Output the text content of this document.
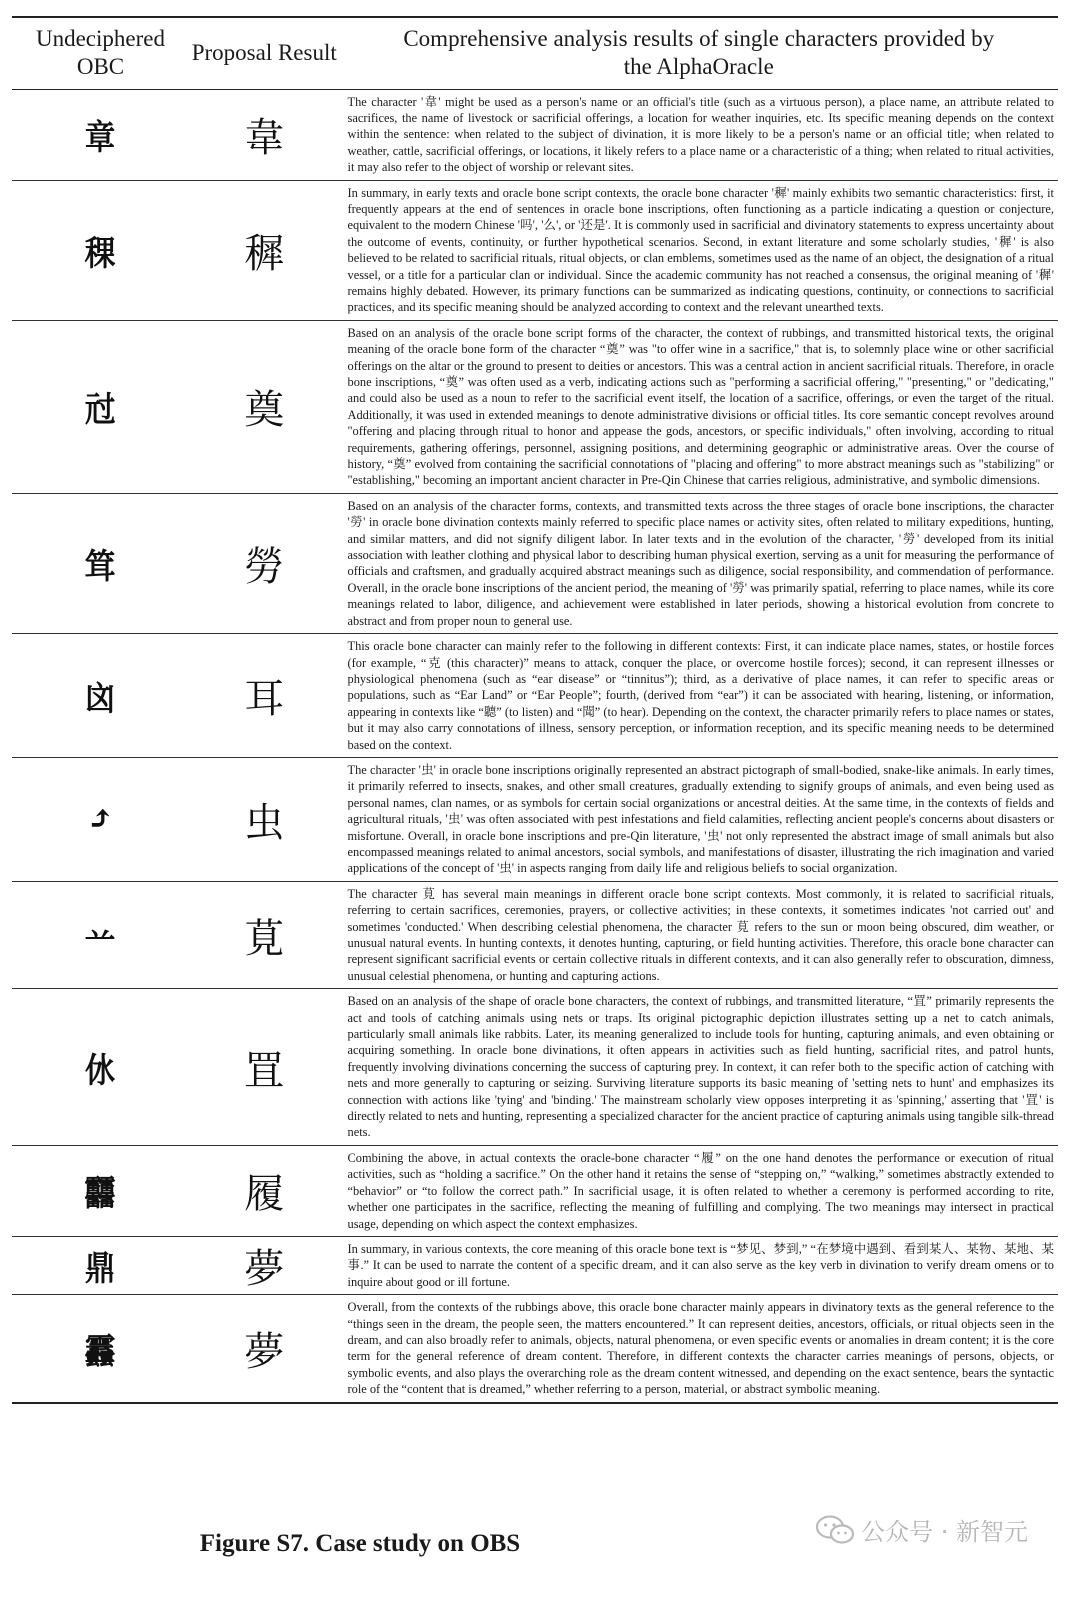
Undeciphered OBC	Proposal Result	Comprehensive analysis results of single characters provided by the AlphaOracle
章	韋	The character '韋' might be used as a person's name or an official's title (such as a virtuous person), a place name, an attribute related to sacrifices, the name of livestock or sacrificial offerings, a location for weather inquiries, etc. Its specific meaning depends on the context within the sentence: when related to the subject of divination, it is more likely to be a person's name or an official title; when related to weather, cattle, sacrificial offerings, or locations, it likely refers to a place name or a characteristic of a thing; when related to ritual activities, it may also refer to the object of worship or relevant sites.
稞	穉	In summary, in early texts and oracle bone script contexts, the oracle bone character '穉' mainly exhibits two semantic characteristics: first, it frequently appears at the end of sentences in oracle bone inscriptions, often functioning as a particle indicating a question or conjecture, equivalent to the modern Chinese '吗', '么', or '还是'. It is commonly used in sacrificial and divinatory statements to express uncertainty about the outcome of events, continuity, or further hypothetical scenarios. Second, in extant literature and some scholarly studies, '穉' is also believed to be related to sacrificial rituals, ritual objects, or clan emblems, sometimes used as the name of an object, the designation of a ritual vessel, or a title for a particular clan or individual. Since the academic community has not reached a consensus, the original meaning of '穉' remains highly debated. However, its primary functions can be summarized as indicating questions, continuity, or connections to sacrificial practices, and its specific meaning should be analyzed according to context and the relevant unearthed texts.
㝴	奠	Based on an analysis of the oracle bone script forms of the character, the context of rubbings, and transmitted historical texts, the original meaning of the oracle bone form of the character “奠” was "to offer wine in a sacrifice," that is, to solemnly place wine or other sacrificial offerings on the altar or the ground to present to deities or ancestors. This was a central action in ancient sacrificial rituals. Therefore, in oracle bone inscriptions, “奠” was often used as a verb, indicating actions such as "performing a sacrificial offering," "presenting," or "dedicating," and could also be used as a noun to refer to the sacrificial event itself, the location of a sacrifice, offerings, or even the target of the ritual. Additionally, it was used in extended meanings to denote administrative divisions or official titles. Its core semantic concept revolves around "offering and placing through ritual to honor and appease the gods, ancestors, or specific individuals," often involving, according to ritual requirements, gathering offerings, personnel, assigning positions, and determining geographic or administrative areas. Over the course of history, “奠” evolved from containing the sacrificial connotations of "placing and offering" to more abstract meanings such as "stabilizing" or "establishing," becoming an important ancient character in Pre-Qin Chinese that carries religious, administrative, and symbolic dimensions.
䇯	勞	Based on an analysis of the character forms, contexts, and transmitted texts across the three stages of oracle bone inscriptions, the character '勞' in oracle bone divination contexts mainly referred to specific place names or activity sites, often related to military expeditions, hunting, and similar matters, and did not signify diligent labor. In later texts and in the evolution of the character, '勞' developed from its initial association with leather clothing and physical labor to describing human physical exertion, serving as a unit for measuring the performance of officials and craftsmen, and gradually acquired abstract meanings such as diligence, social responsibility, and commendation of performance. Overall, in the oracle bone inscriptions of the ancient period, the meaning of '勞' was primarily spatial, referring to place names, while its core meanings related to labor, diligence, and achievement were established in later periods, showing a historical evolution from concrete to abstract and from proper noun to general use.
㓙	耳	This oracle bone character can mainly refer to the following in different contexts: First, it can indicate place names, states, or hostile forces (for example, “克 (this character)” means to attack, conquer the place, or overcome hostile forces); second, it can represent illnesses or physiological phenomena (such as “ear disease” or “tinnitus”); third, as a derivative of place names, it can refer to specific areas or populations, such as “Ear Land” or “Ear People”; fourth, (derived from “ear”) it can be associated with hearing, listening, or information, appearing in contexts like “聽” (to listen) and “聞” (to hear). Depending on the context, the character primarily refers to place names or states, but it may also carry connotations of illness, sensory perception, or information reception, and its specific meaning needs to be determined based on the context.
⤴	虫	The character '虫' in oracle bone inscriptions originally represented an abstract pictograph of small-bodied, snake-like animals. In early times, it primarily referred to insects, snakes, and other small creatures, gradually extending to signify groups of animals, and even being used as personal names, clan names, or as symbols for certain social organizations or ancestral deities. At the same time, in the contexts of fields and agricultural rituals, '虫' was often associated with pest infestations and field calamities, reflecting ancient people's concerns about disasters or misfortune. Overall, in oracle bone inscriptions and pre-Qin literature, '虫' not only represented the abstract image of small animals but also encompassed meanings related to animal ancestors, social symbols, and manifestations of disaster, illustrating the rich imagination and varied applications of the concept of '虫' in aspects ranging from daily life and religious beliefs to social organization.
䒑	莧	The character 莧 has several main meanings in different oracle bone script contexts. Most commonly, it is related to sacrificial rituals, referring to certain sacrifices, ceremonies, prayers, or collective activities; in these contexts, it sometimes indicates 'not carried out' and sometimes 'conducted.' When describing celestial phenomena, the character 莧 refers to the sun or moon being obscured, dim weather, or unusual natural events. In hunting contexts, it denotes hunting, capturing, or field hunting activities. Therefore, this oracle bone character can represent significant sacrificial events or certain collective rituals in different contexts, and it can also generally refer to obscuration, dimness, unusual celestial phenomena, or hunting and capturing actions.
㲻	罝	Based on an analysis of the shape of oracle bone characters, the context of rubbings, and transmitted literature, “罝” primarily represents the act and tools of catching animals using nets or traps. Its original pictographic depiction illustrates setting up a net to catch animals, particularly small animals like rabbits. Later, its meaning generalized to include tools for hunting, capturing animals, and even obtaining or acquiring something. In oracle bone divinations, it often appears in activities such as field hunting, sacrificial rites, and patrol hunts, frequently involving divinations concerning the success of capturing prey. In context, it can refer both to the specific action of catching with nets and more generally to capturing or seizing. Surviving literature supports its basic meaning of 'setting nets to hunt' and emphasizes its connection with actions like 'tying' and 'binding.' The mainstream scholarly view opposes interpreting it as 'spinning,' asserting that '罝' is directly related to nets and hunting, representing a specialized character for the ancient practice of capturing animals using tangible silk-thread nets.
䨻	履	Combining the above, in actual contexts the oracle-bone character “履” on the one hand denotes the performance or execution of ritual activities, such as “holding a sacrifice.” On the other hand it retains the sense of “stepping on,” “walking,” sometimes abstractly extended to “behavior” or “to follow the correct path.” In sacrificial usage, it is often related to whether a ceremony is performed according to rite, whether one participates in the sacrifice, reflecting the meaning of fulfilling and complying. The two meanings may intersect in practical usage, depending on which aspect the context emphasizes.
鼎	夢	In summary, in various contexts, the core meaning of this oracle bone text is “梦见、梦到,” “在梦境中遇到、看到某人、某物、某地、某事.” It can be used to narrate the content of a specific dream, and it can also serve as the key verb in divination to verify dream omens or to inquire about good or ill fortune.
䨺	夢	Overall, from the contexts of the rubbings above, this oracle bone character mainly appears in divinatory texts as the general reference to the “things seen in the dream, the people seen, the matters encountered.” It can represent deities, ancestors, officials, or ritual objects seen in the dream, and can also broadly refer to animals, objects, natural phenomena, or even specific events or anomalies in dream content; it is the core term for the general reference of dream content. Therefore, in different contexts the character carries meanings of persons, objects, or symbolic events, and also plays the overarching role as the dream content witnessed, and depending on the exact sentence, bears the syntactic role of the “content that is dreamed,” whether referring to a person, material, or abstract symbolic meaning.
Figure S7. Case study on OBS	公众号 · 新智元
